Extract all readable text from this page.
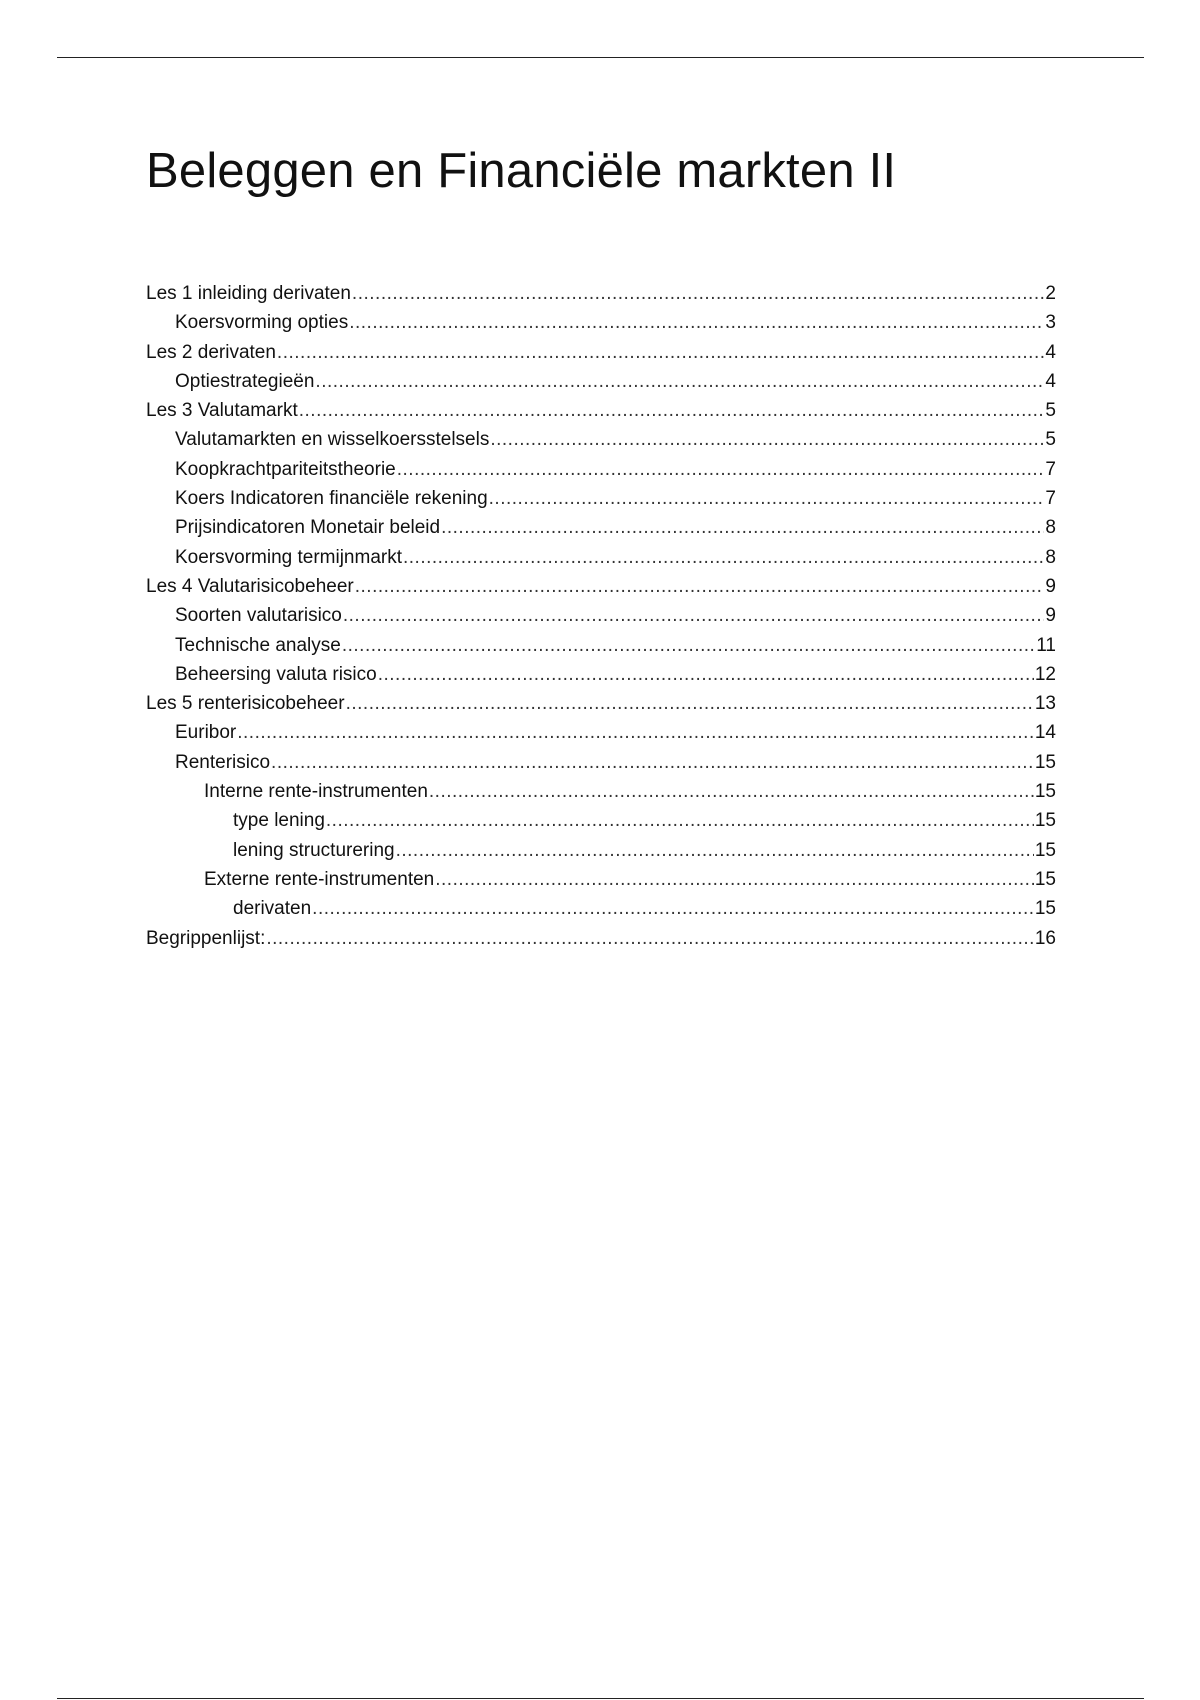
Beleggen en Financiële markten II
Les 1 inleiding derivaten .....	2
Koersvorming opties .....	3
Les 2 derivaten .....	4
Optiestrategieën .....	4
Les 3 Valutamarkt .....	5
Valutamarkten en wisselkoersstelsels .....	5
Koopkrachtpariteitstheorie .....	7
Koers Indicatoren financiële rekening .....	7
Prijsindicatoren Monetair beleid .....	8
Koersvorming termijnmarkt .....	8
Les 4 Valutarisicobeheer .....	9
Soorten valutarisico .....	9
Technische analyse .....	11
Beheersing valuta risico .....	12
Les 5 renterisicobeheer .....	13
Euribor .....	14
Renterisico .....	15
Interne rente-instrumenten .....	15
type lening .....	15
lening structurering .....	15
Externe rente-instrumenten .....	15
derivaten .....	15
Begrippenlijst: .....	16
